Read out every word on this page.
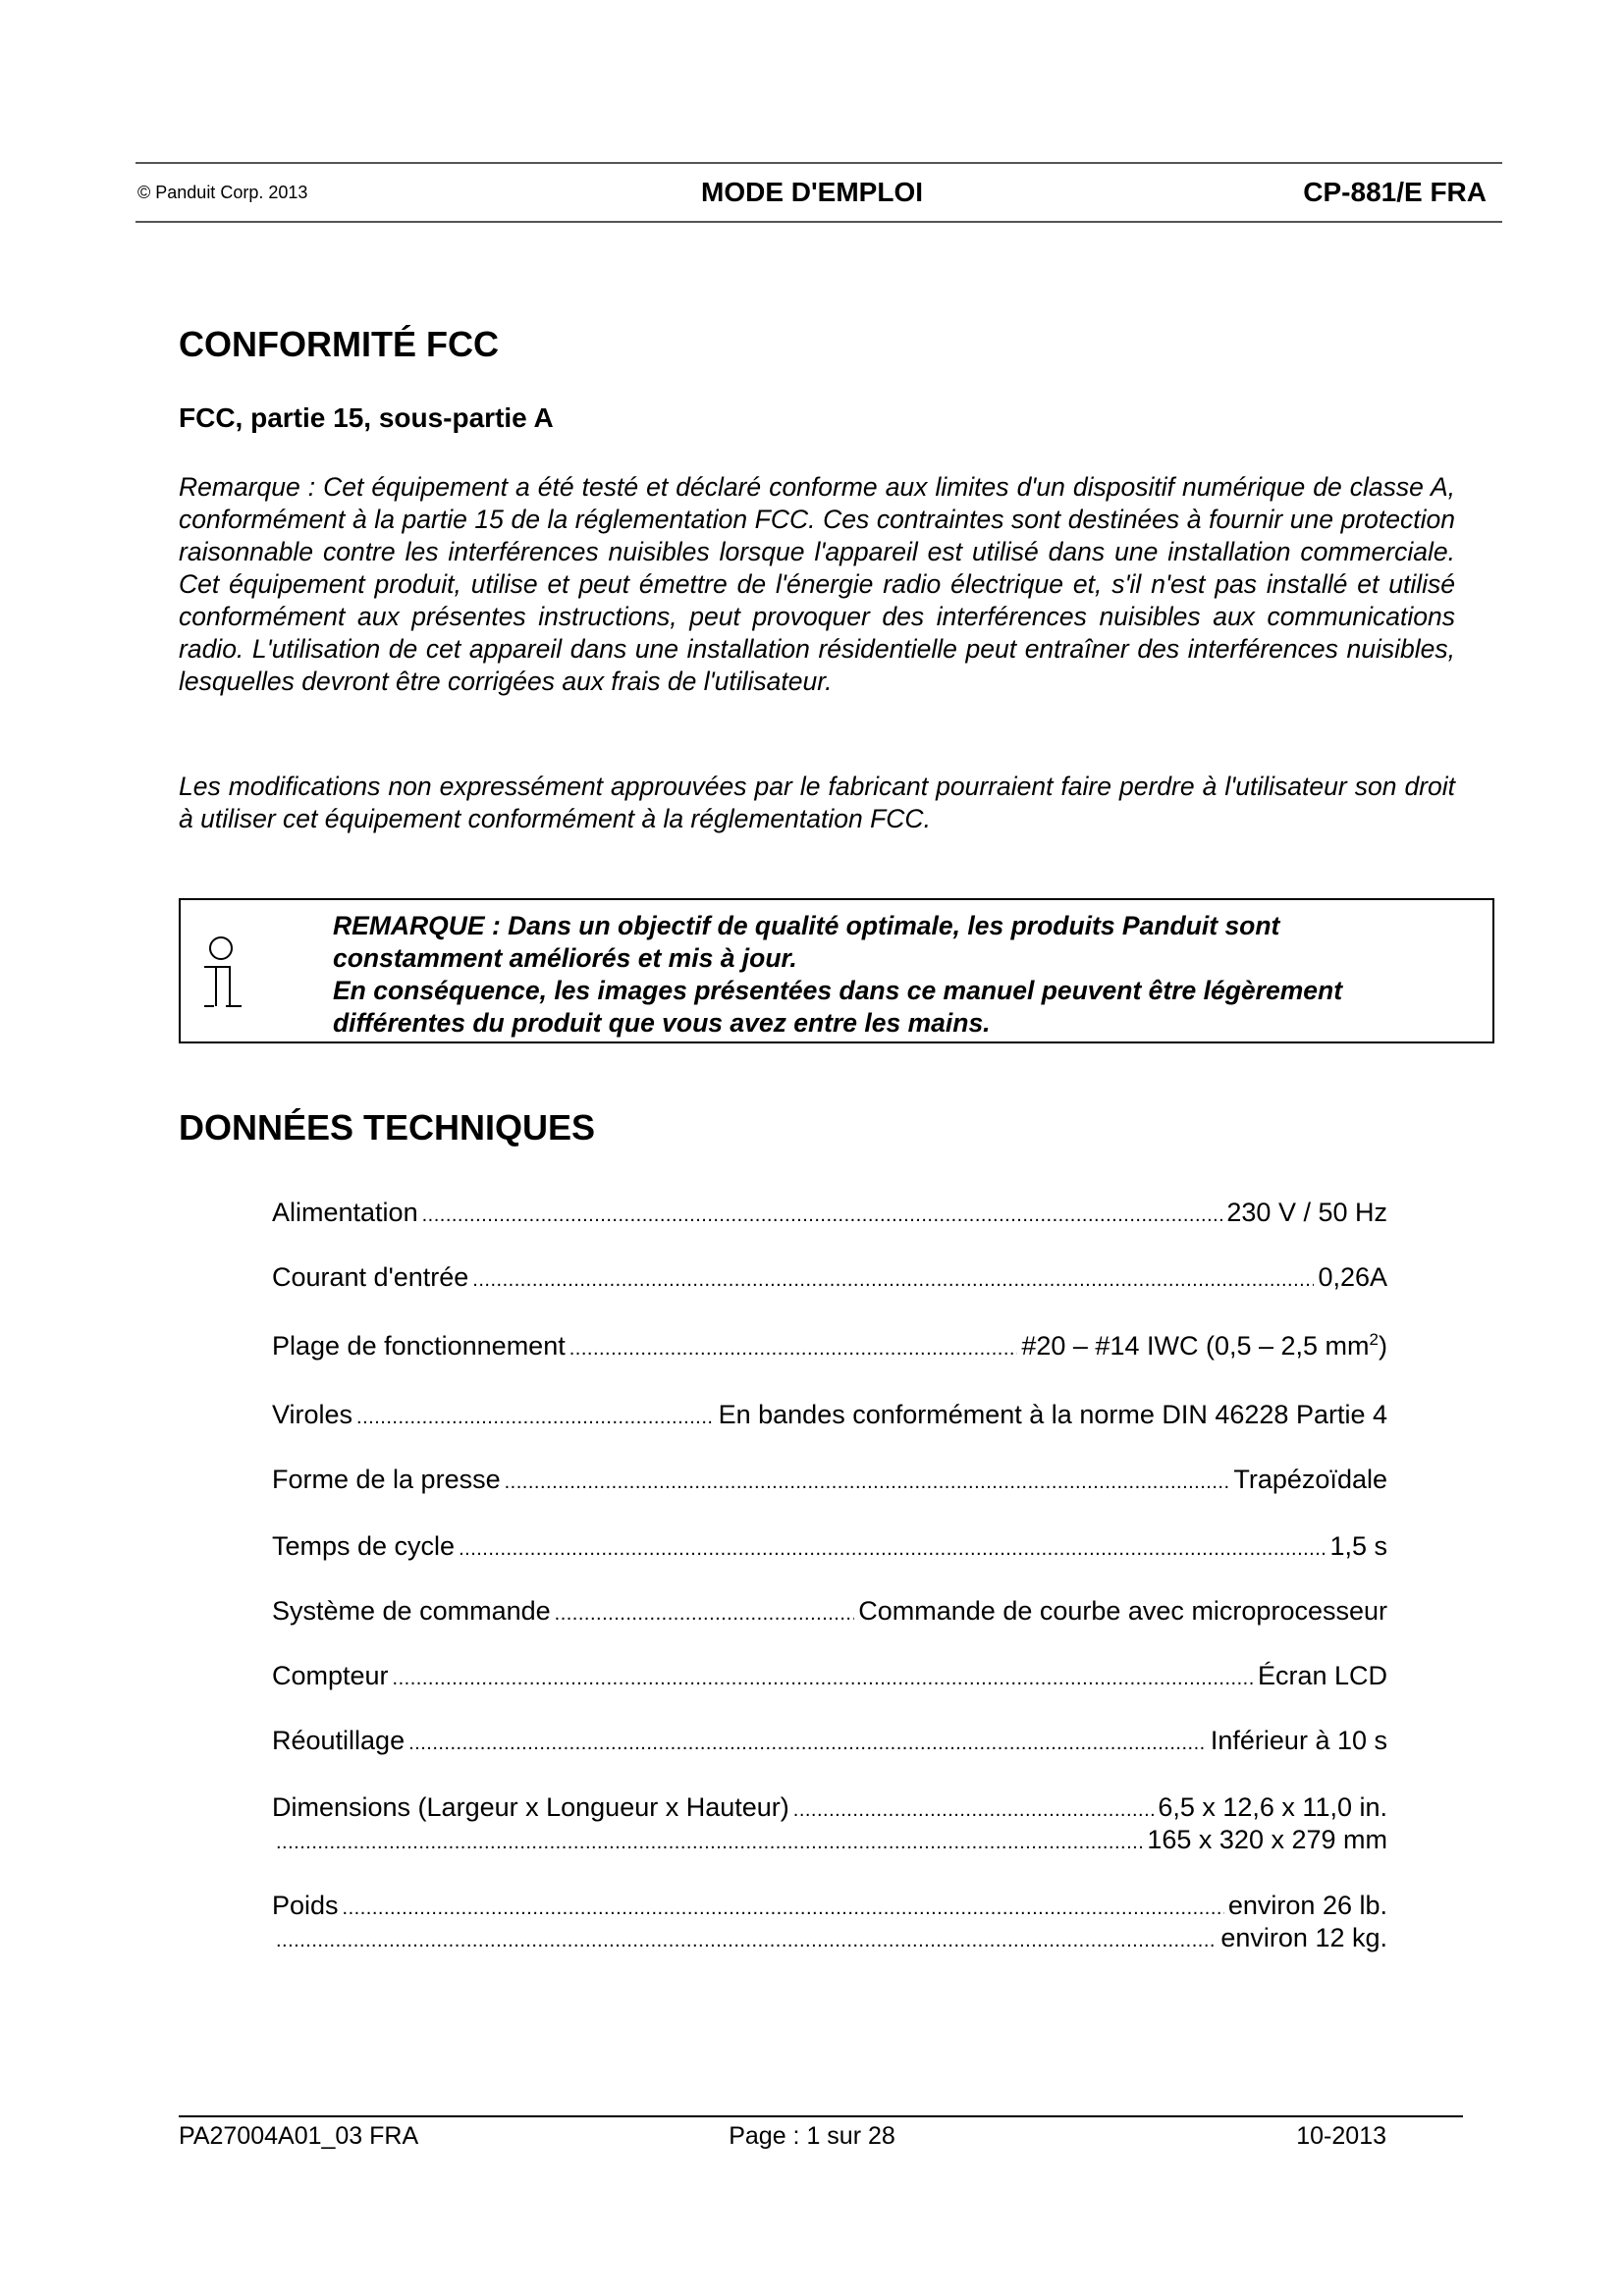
© Panduit Corp. 2013	MODE D'EMPLOI	CP-881/E FRA
CONFORMITÉ FCC
FCC, partie 15, sous-partie A

Remarque : Cet équipement a été testé et déclaré conforme aux limites d'un dispositif numérique de classe A, conformément à la partie 15 de la réglementation FCC. Ces contraintes sont destinées à fournir une protection raisonnable contre les interférences nuisibles lorsque l'appareil est utilisé dans une installation commerciale. Cet équipement produit, utilise et peut émettre de l'énergie radio électrique et, s'il n'est pas installé et utilisé conformément aux présentes instructions, peut provoquer des interférences nuisibles aux communications radio. L'utilisation de cet appareil dans une installation résidentielle peut entraîner des interférences nuisibles, lesquelles devront être corrigées aux frais de l'utilisateur.

Les modifications non expressément approuvées par le fabricant pourraient faire perdre à l'utilisateur son droit à utiliser cet équipement conformément à la réglementation FCC.

REMARQUE : Dans un objectif de qualité optimale, les produits Panduit sont
constamment améliorés et mis à jour.
En conséquence, les images présentées dans ce manuel peuvent être légèrement
différentes du produit que vous avez entre les mains.
DONNÉES TECHNIQUES
Alimentation .....	230 V / 50 Hz
Courant d'entrée .....	0,26A
Plage de fonctionnement .....	#20 – #14 IWC (0,5 – 2,5 $mm^2$)
Viroles .....	En bandes conformément à la norme DIN 46228 Partie 4
Forme de la presse .....	Trapézoïdale
Temps de cycle .....	1,5 s
Système de commande .....	Commande de courbe avec microprocesseur
Compteur .....	Écran LCD
Réoutillage .....	Inférieur à 10 s
Dimensions (Largeur x Longueur x Hauteur) .....	6,5 x 12,6 x 11,0 in.
.....
165 x 320 x 279 mm
Poids .....	environ 26 lb.
.....
environ 12 kg.
PA27004A01_03 FRA	Page : 1 sur 28	10-2013
